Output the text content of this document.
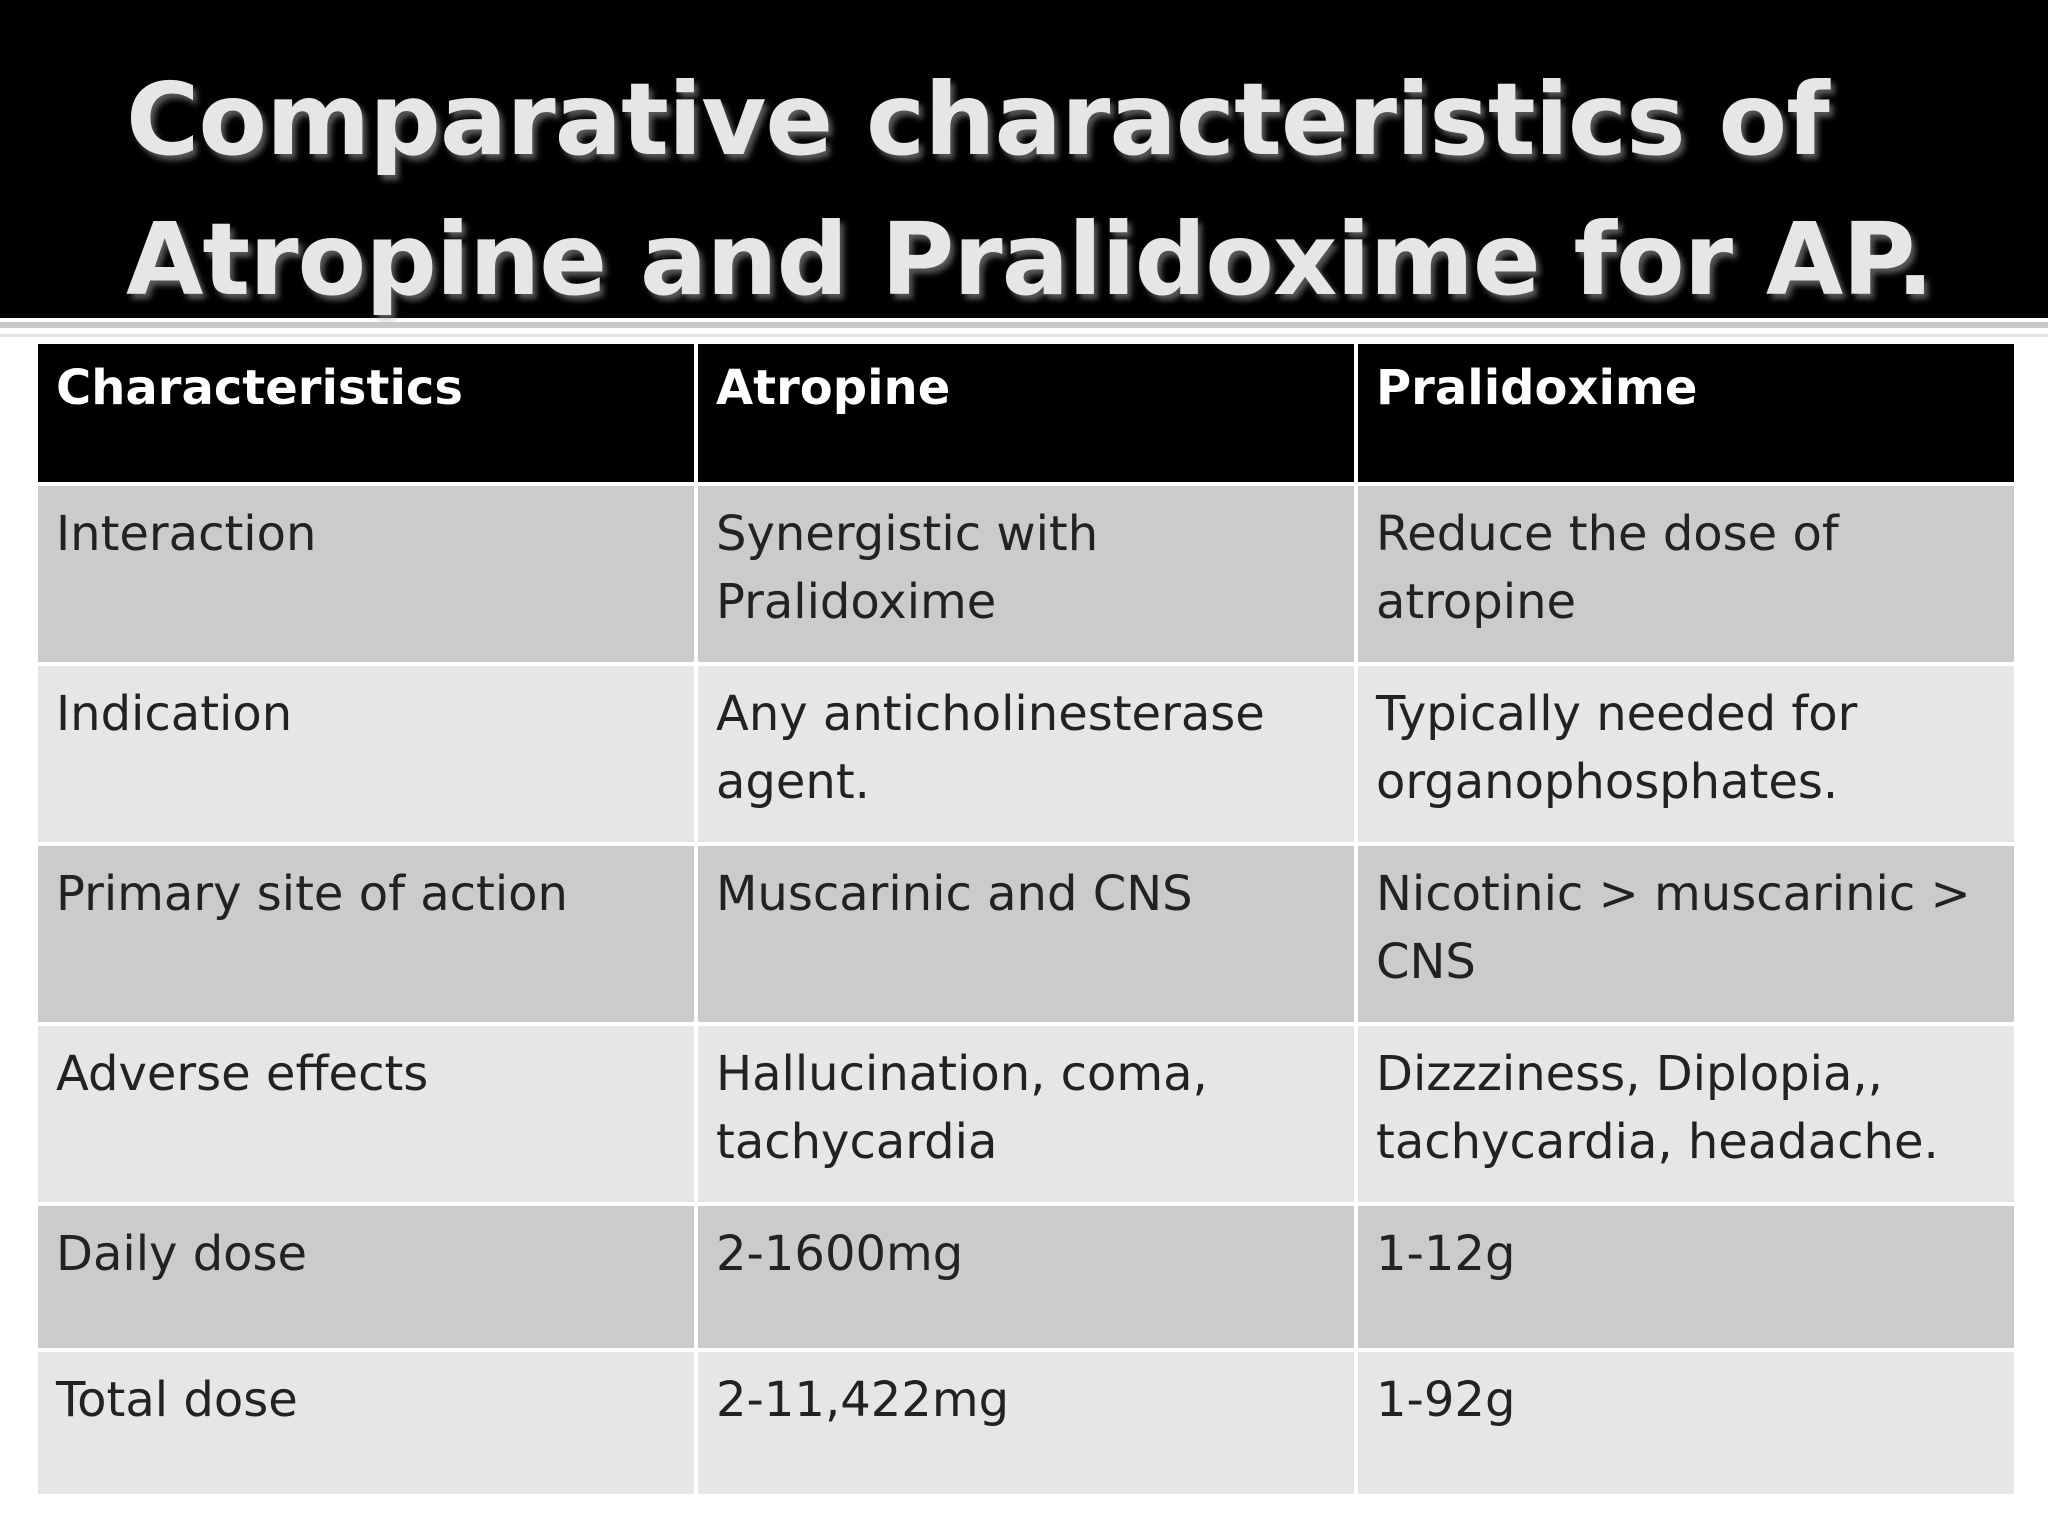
Comparative characteristics of
Atropine and Pralidoxime for AP.
Characteristics	Atropine	Pralidoxime
Interaction	Synergistic with Pralidoxime	Reduce the dose of atropine
Indication	Any anticholinesterase agent.	Typically needed for organophosphates.
Primary site of action	Muscarinic and CNS	Nicotinic > muscarinic > CNS
Adverse effects	Hallucination, coma, tachycardia	Dizzziness, Diplopia,, tachycardia, headache.
Daily dose	2-1600mg	1-12g
Total dose	2-11,422mg	1-92g
